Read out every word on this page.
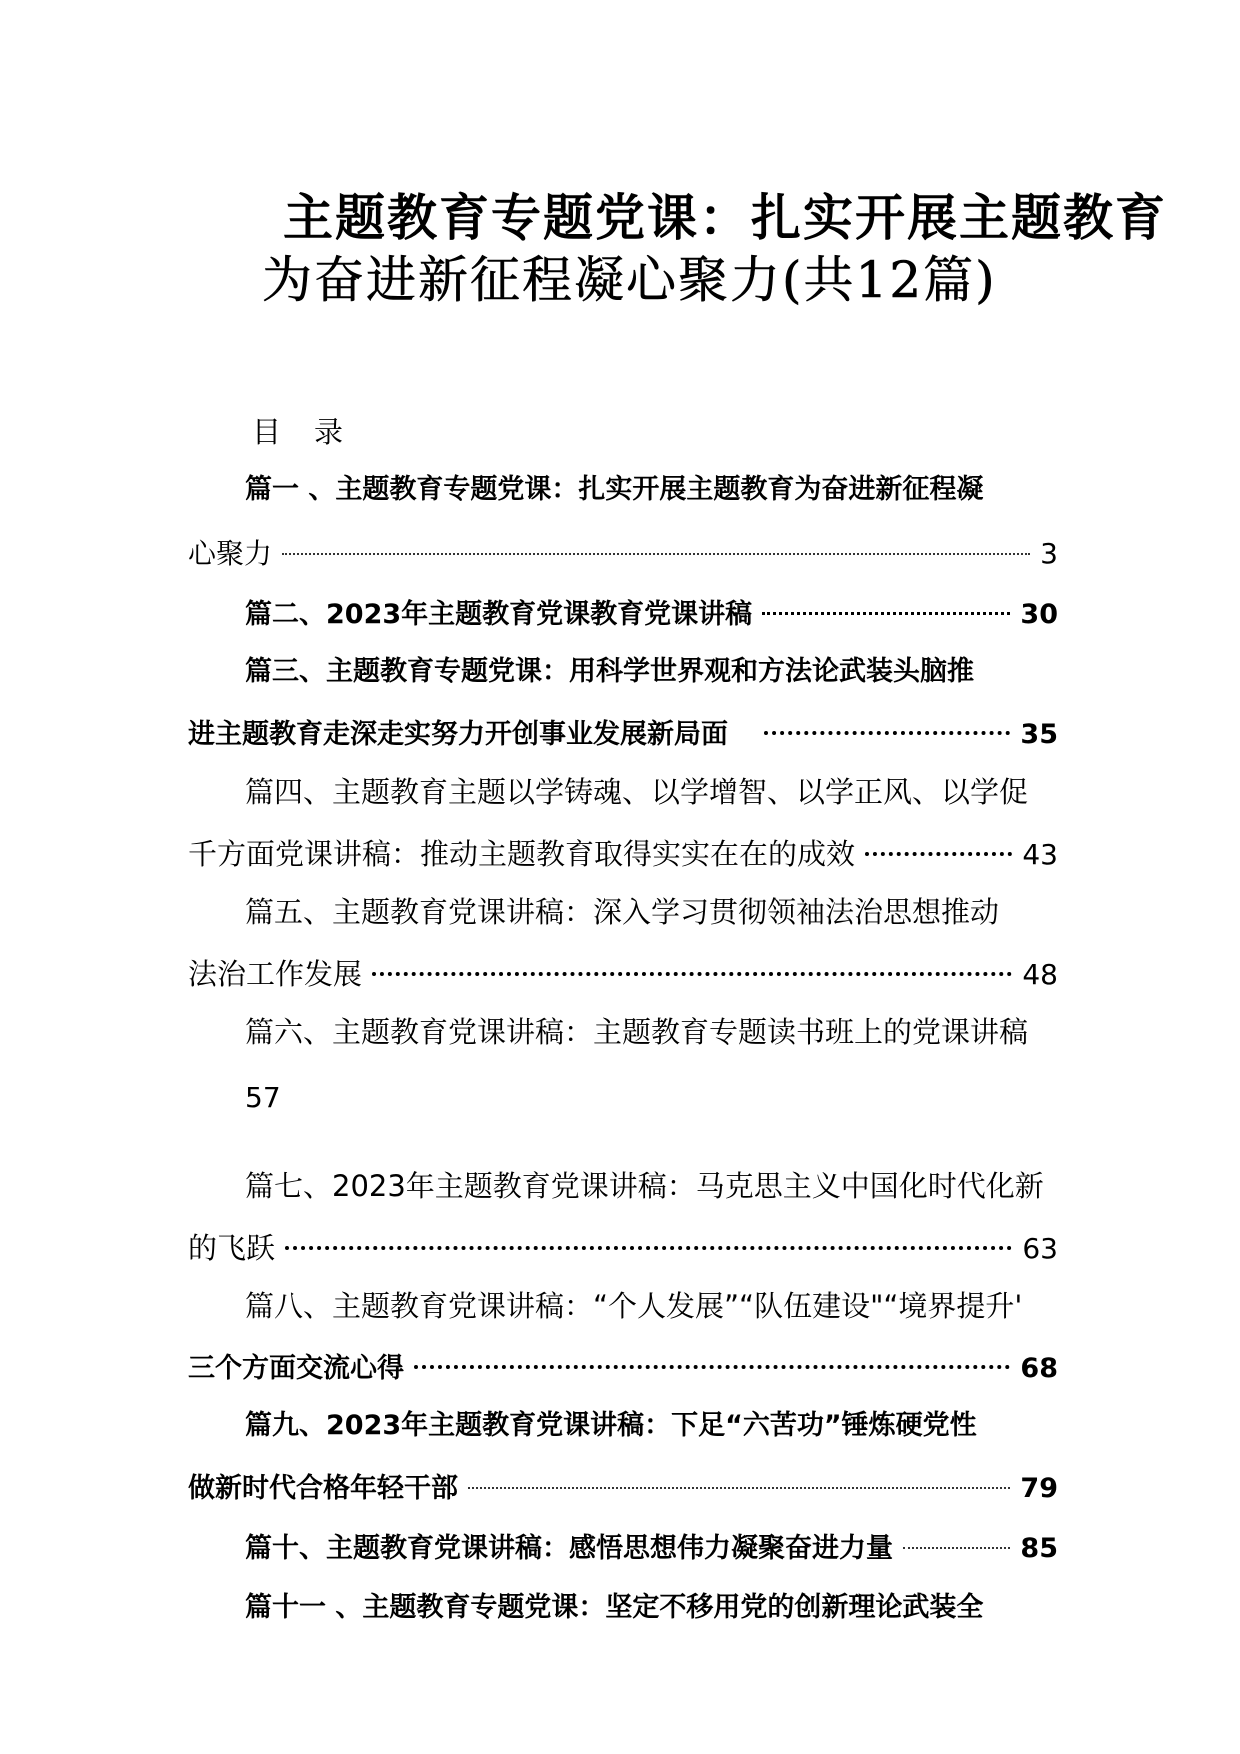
主题教育专题党课：扎实开展主题教育
为奋进新征程凝心聚力(共12篇)
目　录
篇一 、主题教育专题党课：扎实开展主题教育为奋进新征程凝
心聚力	3
篇二、2023年主题教育党课教育党课讲稿	30
篇三、主题教育专题党课：用科学世界观和方法论武装头脑推
进主题教育走深走实努力开创事业发展新局面	35
篇四、主题教育主题以学铸魂、以学增智、以学正风、以学促
千方面党课讲稿：推动主题教育取得实实在在的成效	43
篇五、主题教育党课讲稿：深入学习贯彻领袖法治思想推动
法治工作发展	48
篇六、主题教育党课讲稿：主题教育专题读书班上的党课讲稿
57
篇七、2023年主题教育党课讲稿：马克思主义中国化时代化新
的飞跃	63
篇八、主题教育党课讲稿：“个人发展”“队伍建设"“境界提升'
三个方面交流心得	68
篇九、2023年主题教育党课讲稿：下足“六苦功”锤炼硬党性
做新时代合格年轻干部	79
篇十、主题教育党课讲稿：感悟思想伟力凝聚奋进力量	85
篇十一 、主题教育专题党课：坚定不移用党的创新理论武装全
